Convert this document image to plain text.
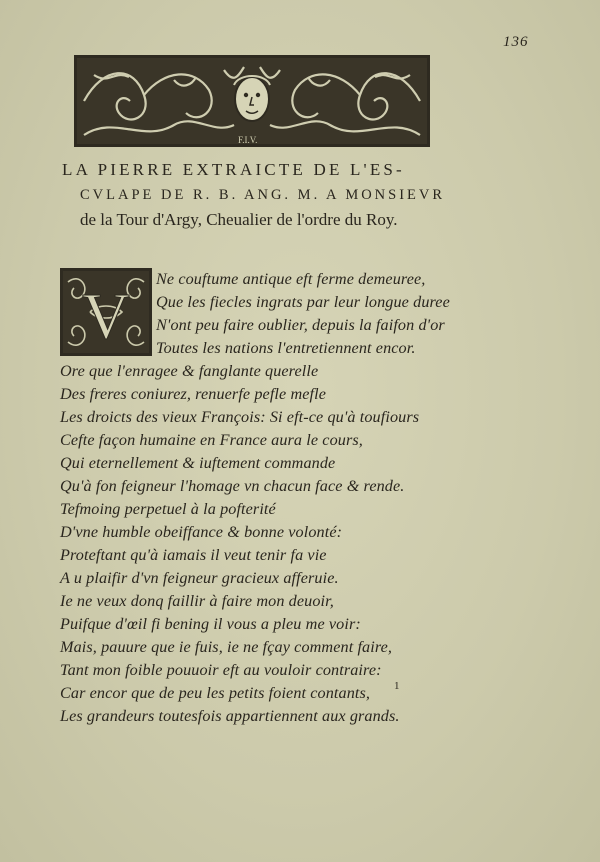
136
F.I.V.
LA PIERRE EXTRAICTE DE L'ES-
CVLAPE DE R. B. ANG. M. A MONSIEVR
de la Tour d'Argy, Cheualier de l'ordre du Roy.
V
Ne couftume antique eft ferme demeuree,
Que les fiecles ingrats par leur longue duree
N'ont peu faire oublier, depuis la faifon d'or
Toutes les nations l'entretiennent encor.
Ore que l'enragee & fanglante querelle
Des freres coniurez, renuerfe pefle mefle
Les droicts des vieux François: Si eft-ce qu'à toufiours
Cefte façon humaine en France aura le cours,
Qui eternellement & iuftement commande
Qu'à fon feigneur l'homage vn chacun face & rende.
Tefmoing perpetuel à la pofterité
D'vne humble obeiffance & bonne volonté:
Proteftant qu'à iamais il veut tenir fa vie
A u plaifir d'vn feigneur gracieux afferuie.
Ie ne veux donq faillir à faire mon deuoir,
Puifque d'œil fi bening il vous a pleu me voir:
Mais, pauure que ie fuis, ie ne fçay comment faire,
Tant mon foible pouuoir eft au vouloir contraire:
Car encor que de peu les petits foient contants,
Les grandeurs toutesfois appartiennent aux grands.
1
